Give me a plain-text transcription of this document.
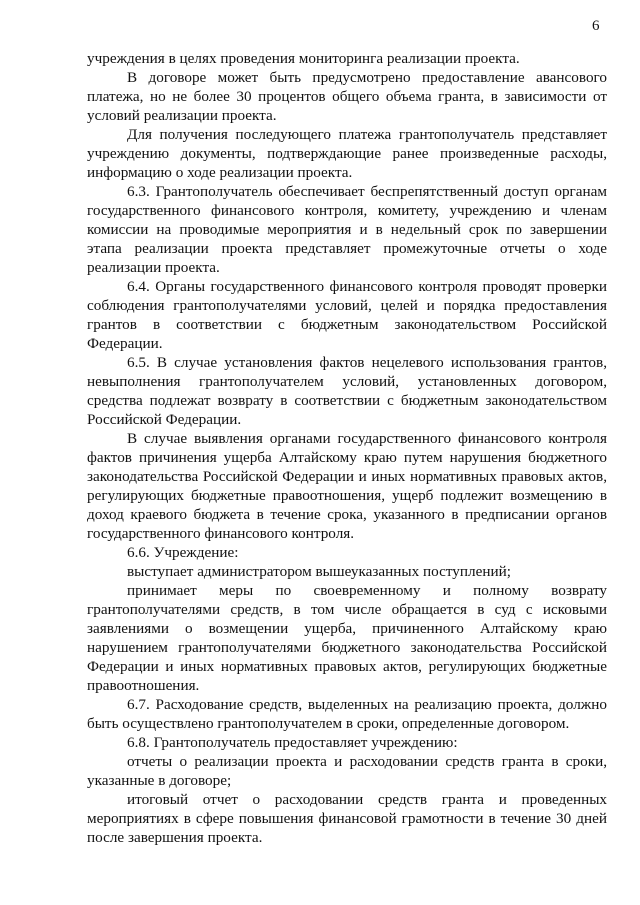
6

учреждения в целях проведения мониторинга реализации проекта.

В договоре может быть предусмотрено предоставление авансового платежа, но не более 30 процентов общего объема гранта, в зависимости от условий реализации проекта.

Для получения последующего платежа грантополучатель представляет учреждению документы, подтверждающие ранее произведенные расходы, информацию о ходе реализации проекта.

6.3. Грантополучатель обеспечивает беспрепятственный доступ органам государственного финансового контроля, комитету, учреждению и членам комиссии на проводимые мероприятия и в недельный срок по завершении этапа реализации проекта представляет промежуточные отчеты о ходе реализации проекта.

6.4. Органы государственного финансового контроля проводят проверки соблюдения грантополучателями условий, целей и порядка предоставления грантов в соответствии с бюджетным законодательством Российской Федерации.

6.5. В случае установления фактов нецелевого использования грантов, невыполнения грантополучателем условий, установленных договором, средства подлежат возврату в соответствии с бюджетным законодательством Российской Федерации.

В случае выявления органами государственного финансового контроля фактов причинения ущерба Алтайскому краю путем нарушения бюджетного законодательства Российской Федерации и иных нормативных правовых актов, регулирующих бюджетные правоотношения, ущерб подлежит возмещению в доход краевого бюджета в течение срока, указанного в предписании органов государственного финансового контроля.

6.6. Учреждение:

выступает администратором вышеуказанных поступлений;

принимает меры по своевременному и полному возврату грантополучателями средств, в том числе обращается в суд с исковыми заявлениями о возмещении ущерба, причиненного Алтайскому краю нарушением грантополучателями бюджетного законодательства Российской Федерации и иных нормативных правовых актов, регулирующих бюджетные правоотношения.

6.7. Расходование средств, выделенных на реализацию проекта, должно быть осуществлено грантополучателем в сроки, определенные договором.

6.8. Грантополучатель предоставляет учреждению:

отчеты о реализации проекта и расходовании средств гранта в сроки, указанные в договоре;

итоговый отчет о расходовании средств гранта и проведенных мероприятиях в сфере повышения финансовой грамотности в течение 30 дней после завершения проекта.
